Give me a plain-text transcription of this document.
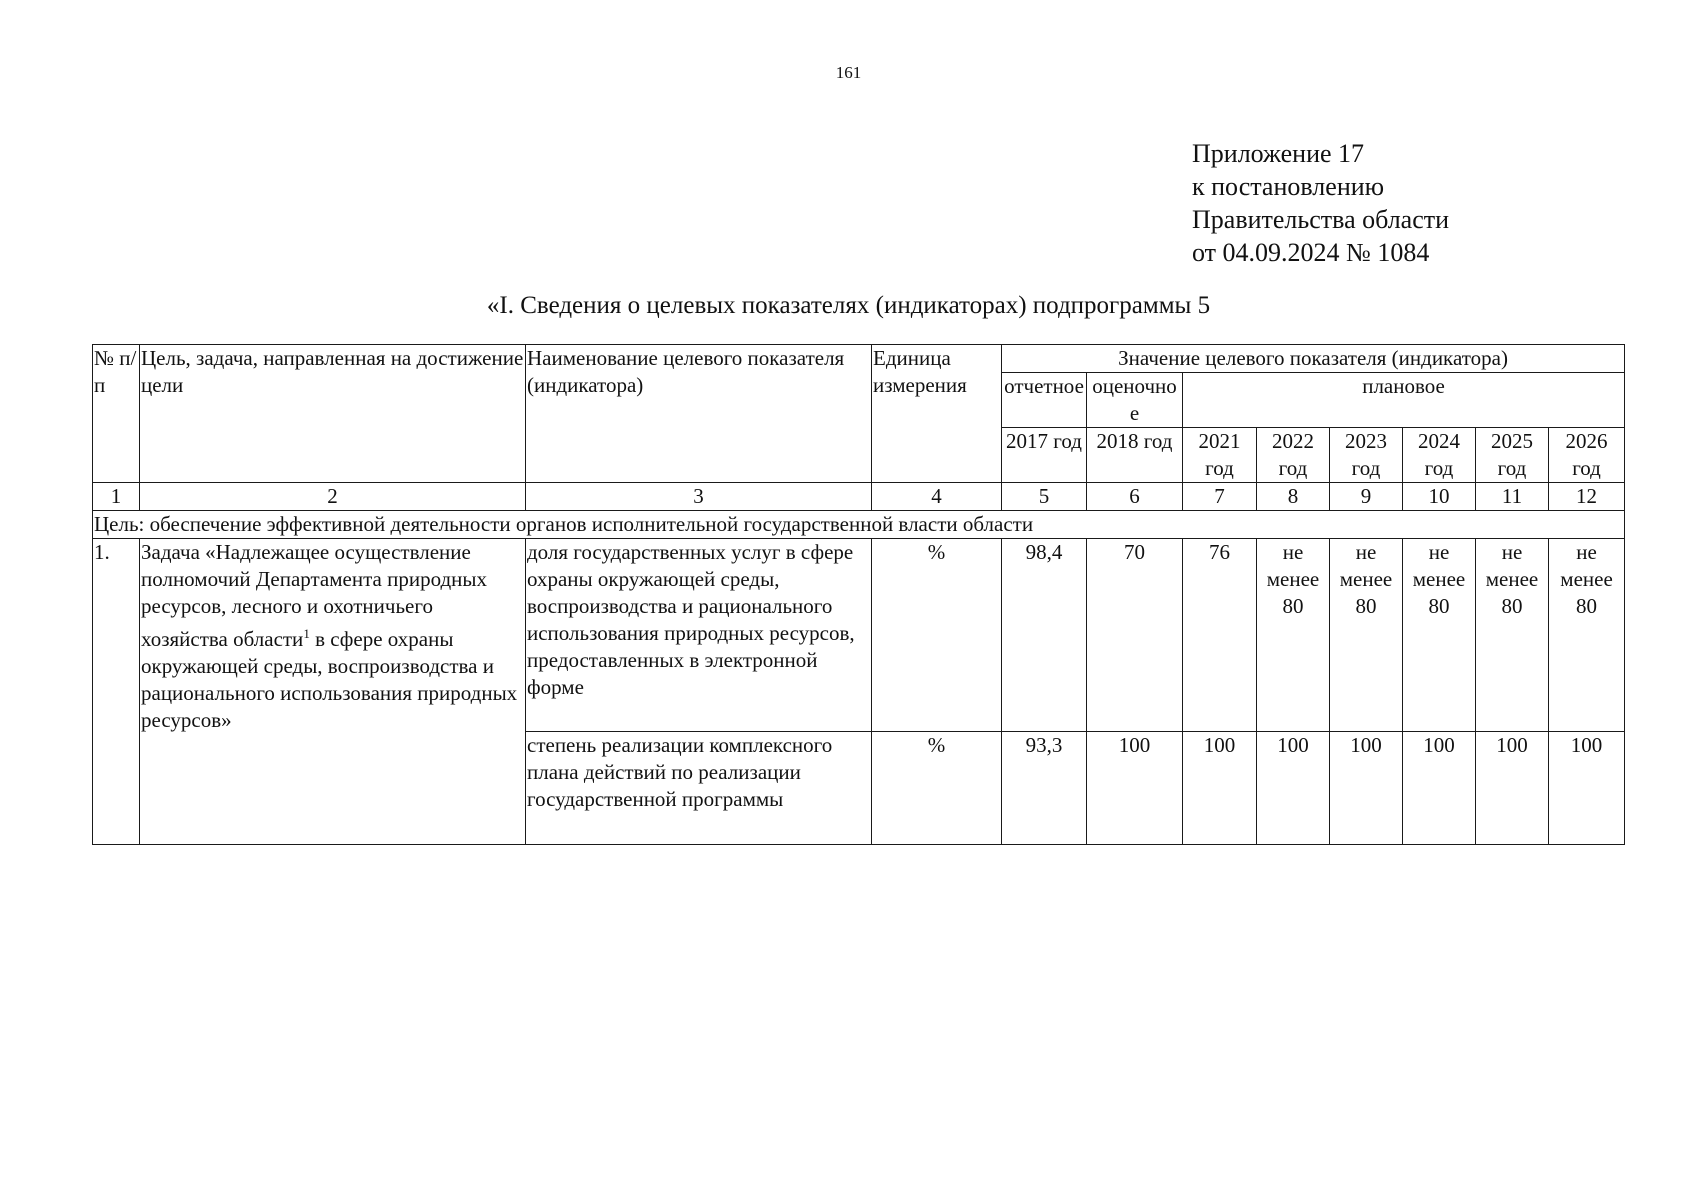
161
Приложение 17
к постановлению
Правительства области
от 04.09.2024 № 1084
«I. Сведения о целевых показателях (индикаторах) подпрограммы 5
№ п/п	Цель, задача, направленная на достижение цели	Наименование целевого показателя (индикатора)	Единица измерения	Значение целевого показателя (индикатора)							
				отчетное	оценочное	плановое					
				2017 год	2018 год	2021 год	2022 год	2023 год	2024 год	2025 год	2026 год
1	2	3	4	5	6	7	8	9	10	11	12
Цель: обеспечение эффективной деятельности органов исполнительной государственной власти области											
1.	Задача «Надлежащее осуществление полномочий Департамента природных ресурсов, лесного и охотничьего хозяйства области$^1$ в сфере охраны окружающей среды, воспроизводства и рационального использования природных ресурсов»	доля государственных услуг в сфере охраны окружающей среды, воспроизводства и рационального использования природных ресурсов, предоставленных в электронной форме	%	98,4	70	76	не менее 80	не менее 80	не менее 80	не менее 80	не менее 80
		степень реализации комплексного плана действий по реализации государственной программы	%	93,3	100	100	100	100	100	100	100
